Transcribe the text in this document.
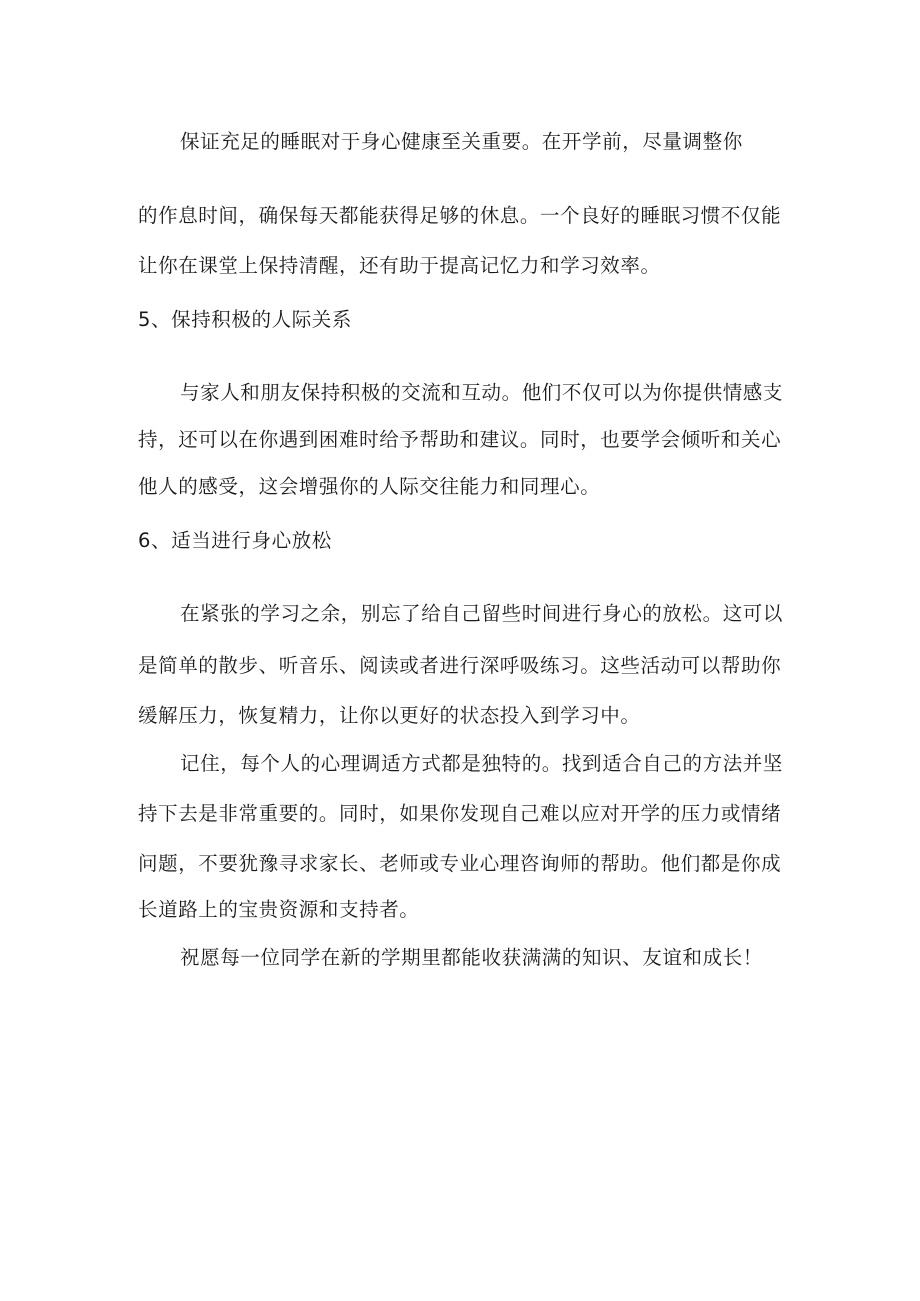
保证充足的睡眠对于身心健康至关重要。在开学前，尽量调整你
的作息时间，确保每天都能获得足够的休息。一个良好的睡眠习惯不仅能
让你在课堂上保持清醒，还有助于提高记忆力和学习效率。
5、保持积极的人际关系
与家人和朋友保持积极的交流和互动。他们不仅可以为你提供情感支
持，还可以在你遇到困难时给予帮助和建议。同时，也要学会倾听和关心
他人的感受，这会增强你的人际交往能力和同理心。
6、适当进行身心放松
在紧张的学习之余，别忘了给自己留些时间进行身心的放松。这可以
是简单的散步、听音乐、阅读或者进行深呼吸练习。这些活动可以帮助你
缓解压力，恢复精力，让你以更好的状态投入到学习中。
记住，每个人的心理调适方式都是独特的。找到适合自己的方法并坚
持下去是非常重要的。同时，如果你发现自己难以应对开学的压力或情绪
问题，不要犹豫寻求家长、老师或专业心理咨询师的帮助。他们都是你成
长道路上的宝贵资源和支持者。
祝愿每一位同学在新的学期里都能收获满满的知识、友谊和成长！
